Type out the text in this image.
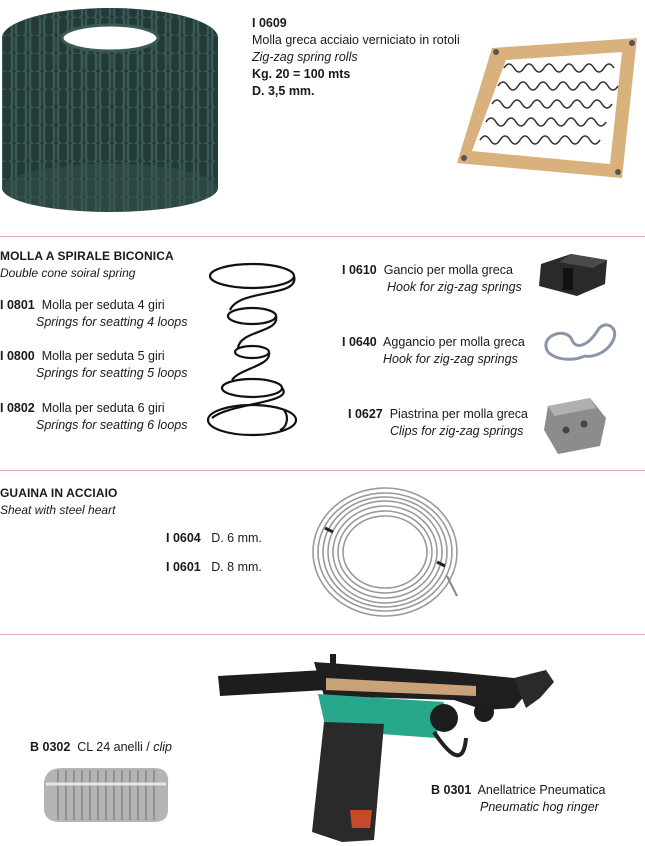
I 0609
Molla greca acciaio verniciato in rotoli
Zig-zag spring rolls
Kg. 20 = 100 mts
D. 3,5 mm.
MOLLA A SPIRALE BICONICA
Double cone soiral spring
I 0801 Molla per seduta 4 giri
Springs for seatting 4 loops
I 0800 Molla per seduta 5 giri
Springs for seatting 5 loops
I 0802 Molla per seduta 6 giri
Springs for seatting 6 loops
I 0610 Gancio per molla greca
Hook for zig-zag springs
I 0640 Aggancio per molla greca
Hook for zig-zag springs
I 0627 Piastrina per molla greca
Clips for zig-zag springs
GUAINA IN ACCIAIO
Sheat with steel heart
I 0604 D. 6 mm.
I 0601 D. 8 mm.
B 0302 CL 24 anelli / clip
B 0301 Anellatrice Pneumatica
Pneumatic hog ringer
